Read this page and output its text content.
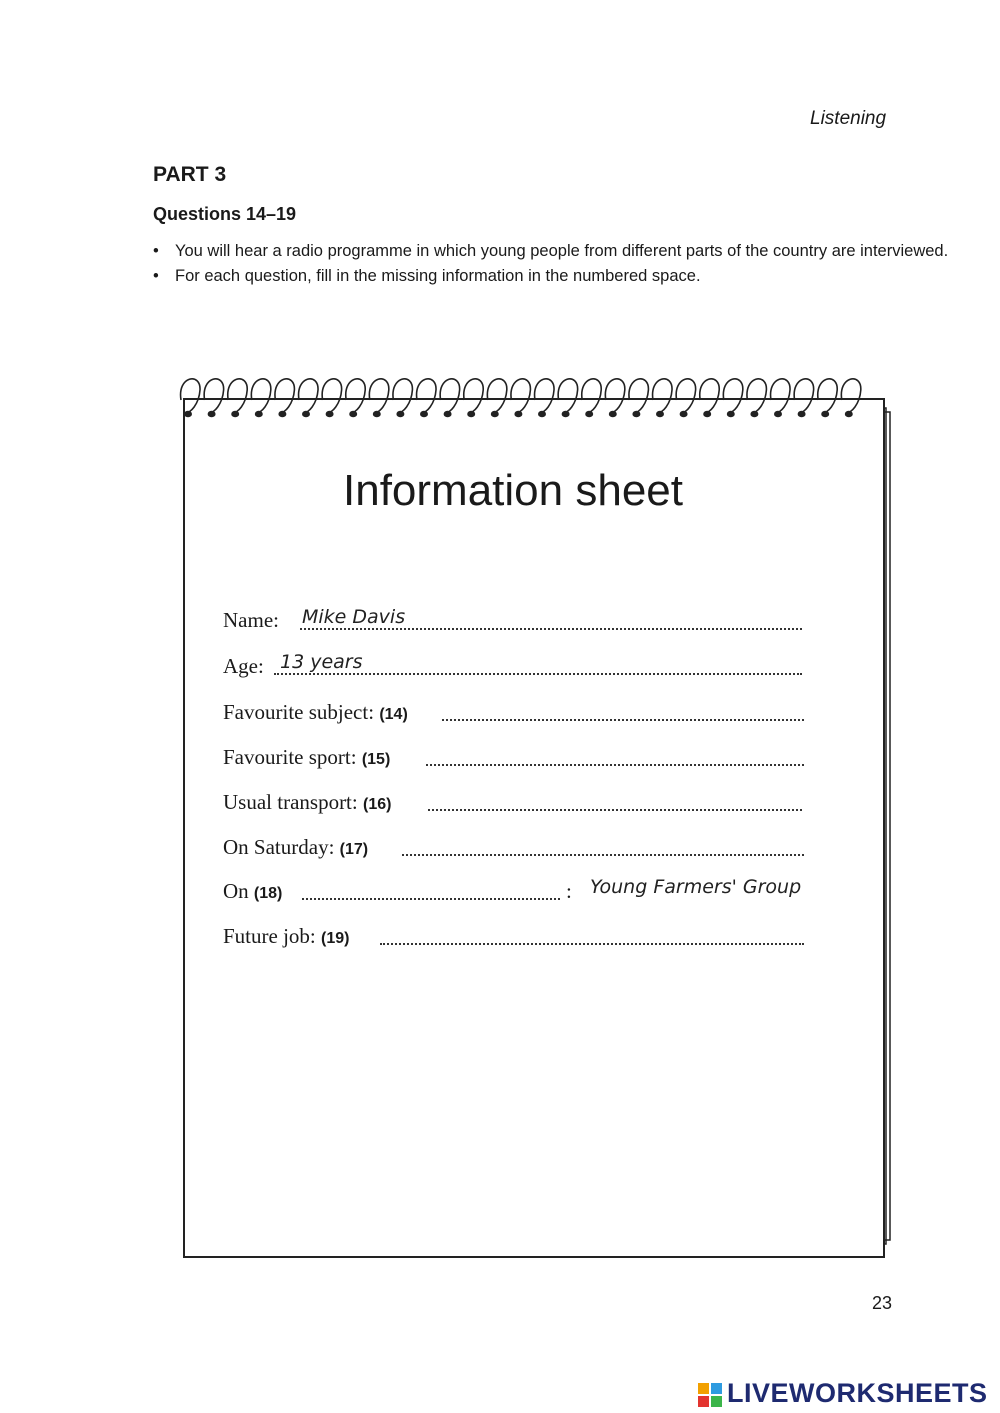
Listening
PART 3
Questions 14–19
• You will hear a radio programme in which young people from different parts of the country are interviewed.
• For each question, fill in the missing information in the numbered space.
Information sheet
Name: Mike Davis
Age: 13 years
Favourite subject: (14)
Favourite sport: (15)
Usual transport: (16)
On Saturday: (17)
On (18)	: Young Farmers' Group
Future job: (19)
23
LIVEWORKSHEETS
